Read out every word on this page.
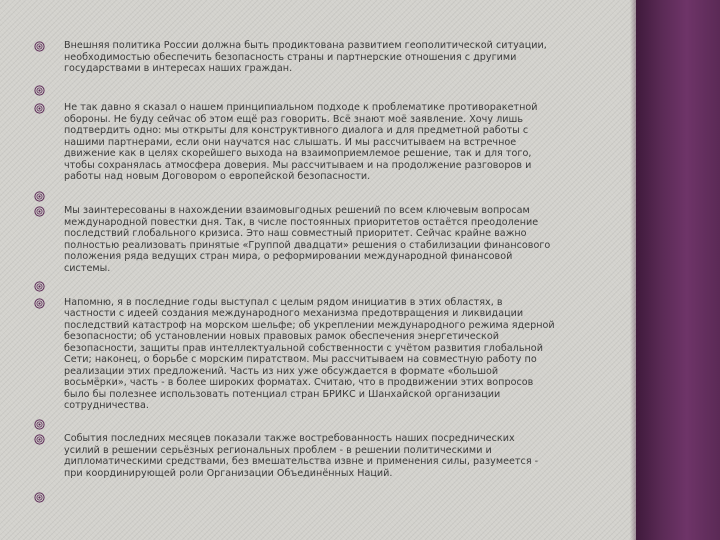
Внешняя политика России должна быть продиктована развитием геополитической ситуации,
необходимостью обеспечить безопасность страны и партнерские отношения с другими
государствами в интересах наших граждан.
Не так давно я сказал о нашем принципиальном подходе к проблематике противоракетной
обороны. Не буду сейчас об этом ещё раз говорить. Всё знают моё заявление. Хочу лишь
подтвердить одно: мы открыты для конструктивного диалога и для предметной работы с
нашими партнерами, если они научатся нас слышать. И мы рассчитываем на встречное
движение как в целях скорейшего выхода на взаимоприемлемое решение, так и для того,
чтобы сохранялась атмосфера доверия. Мы рассчитываем и на продолжение разговоров и
работы над новым Договором о европейской безопасности.
Мы заинтересованы в нахождении взаимовыгодных решений по всем ключевым вопросам
международной повестки дня. Так, в числе постоянных приоритетов остаётся преодоление
последствий глобального кризиса. Это наш совместный приоритет. Сейчас крайне важно
полностью реализовать принятые «Группой двадцати» решения о стабилизации финансового
положения ряда ведущих стран мира, о реформировании международной финансовой
системы.
Напомню, я в последние годы выступал с целым рядом инициатив в этих областях, в
частности с идеей создания международного механизма предотвращения и ликвидации
последствий катастроф на морском шельфе; об укреплении международного режима ядерной
безопасности; об установлении новых правовых рамок обеспечения энергетической
безопасности, защиты прав интеллектуальной собственности с учётом развития глобальной
Сети; наконец, о борьбе с морским пиратством. Мы рассчитываем на совместную работу по
реализации этих предложений. Часть из них уже обсуждается в формате «большой
восьмёрки», часть - в более широких форматах. Считаю, что в продвижении этих вопросов
было бы полезнее использовать потенциал стран БРИКС и Шанхайской организации
сотрудничества.
События последних месяцев показали также востребованность наших посреднических
усилий в решении серьёзных региональных проблем - в решении политическими и
дипломатическими средствами, без вмешательства извне и применения силы, разумеется -
при координирующей роли Организации Объединённых Наций.
